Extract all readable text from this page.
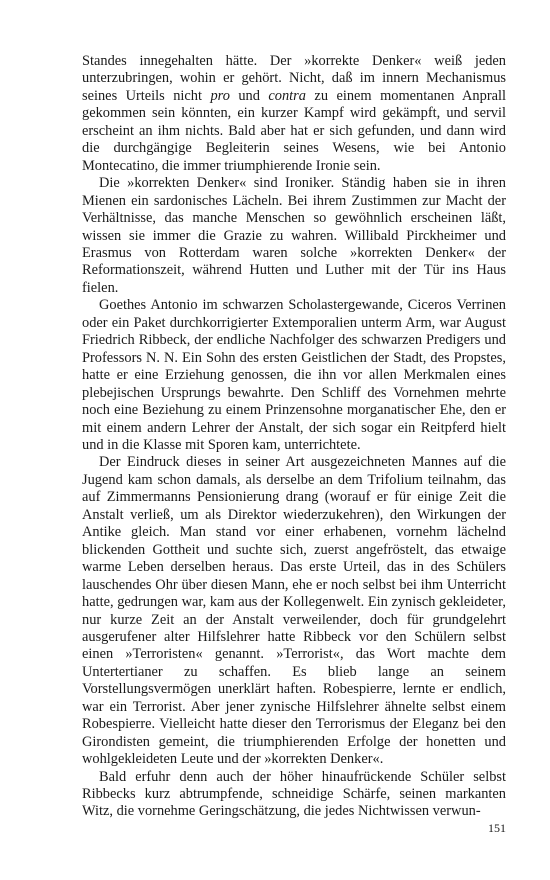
Standes innegehalten hätte. Der »korrekte Denker« weiß jeden unterzubringen, wohin er gehört. Nicht, daß im innern Mechanismus seines Urteils nicht pro und contra zu einem momentanen Anprall gekommen sein könnten, ein kurzer Kampf wird gekämpft, und servil erscheint an ihm nichts. Bald aber hat er sich gefunden, und dann wird die durchgängige Begleiterin seines Wesens, wie bei Antonio Montecatino, die immer triumphierende Ironie sein.

Die »korrekten Denker« sind Ironiker. Ständig haben sie in ihren Mienen ein sardonisches Lächeln. Bei ihrem Zustimmen zur Macht der Verhältnisse, das manche Menschen so gewöhnlich erscheinen läßt, wissen sie immer die Grazie zu wahren. Willibald Pirckheimer und Erasmus von Rotterdam waren solche »korrekten Denker« der Reformationszeit, während Hutten und Luther mit der Tür ins Haus fielen.

Goethes Antonio im schwarzen Scholastergewande, Ciceros Verrinen oder ein Paket durchkorrigierter Extemporalien unterm Arm, war August Friedrich Ribbeck, der endliche Nachfolger des schwarzen Predigers und Professors N. N. Ein Sohn des ersten Geistlichen der Stadt, des Propstes, hatte er eine Erziehung genossen, die ihn vor allen Merkmalen eines plebejischen Ursprungs bewahrte. Den Schliff des Vornehmen mehrte noch eine Beziehung zu einem Prinzensohne morganatischer Ehe, den er mit einem andern Lehrer der Anstalt, der sich sogar ein Reitpferd hielt und in die Klasse mit Sporen kam, unterrichtete.

Der Eindruck dieses in seiner Art ausgezeichneten Mannes auf die Jugend kam schon damals, als derselbe an dem Trifolium teilnahm, das auf Zimmermanns Pensionierung drang (worauf er für einige Zeit die Anstalt verließ, um als Direktor wiederzukehren), den Wirkungen der Antike gleich. Man stand vor einer erhabenen, vornehm lächelnd blickenden Gottheit und suchte sich, zuerst angefröstelt, das etwaige warme Leben derselben heraus. Das erste Urteil, das in des Schülers lauschendes Ohr über diesen Mann, ehe er noch selbst bei ihm Unterricht hatte, gedrungen war, kam aus der Kollegenwelt. Ein zynisch gekleideter, nur kurze Zeit an der Anstalt verweilender, doch für grundgelehrt ausgerufener alter Hilfslehrer hatte Ribbeck vor den Schülern selbst einen »Terroristen« genannt. »Terrorist«, das Wort machte dem Untertertianer zu schaffen. Es blieb lange an seinem Vorstellungsvermögen unerklärt haften. Robespierre, lernte er endlich, war ein Terrorist. Aber jener zynische Hilfslehrer ähnelte selbst einem Robespierre. Vielleicht hatte dieser den Terrorismus der Eleganz bei den Girondisten gemeint, die triumphierenden Erfolge der honetten und wohlgekleideten Leute und der »korrekten Denker«.

Bald erfuhr denn auch der höher hinaufrückende Schüler selbst Ribbecks kurz abtrumpfende, schneidige Schärfe, seinen markanten Witz, die vornehme Geringschätzung, die jedes Nichtwissen verwun-

151
